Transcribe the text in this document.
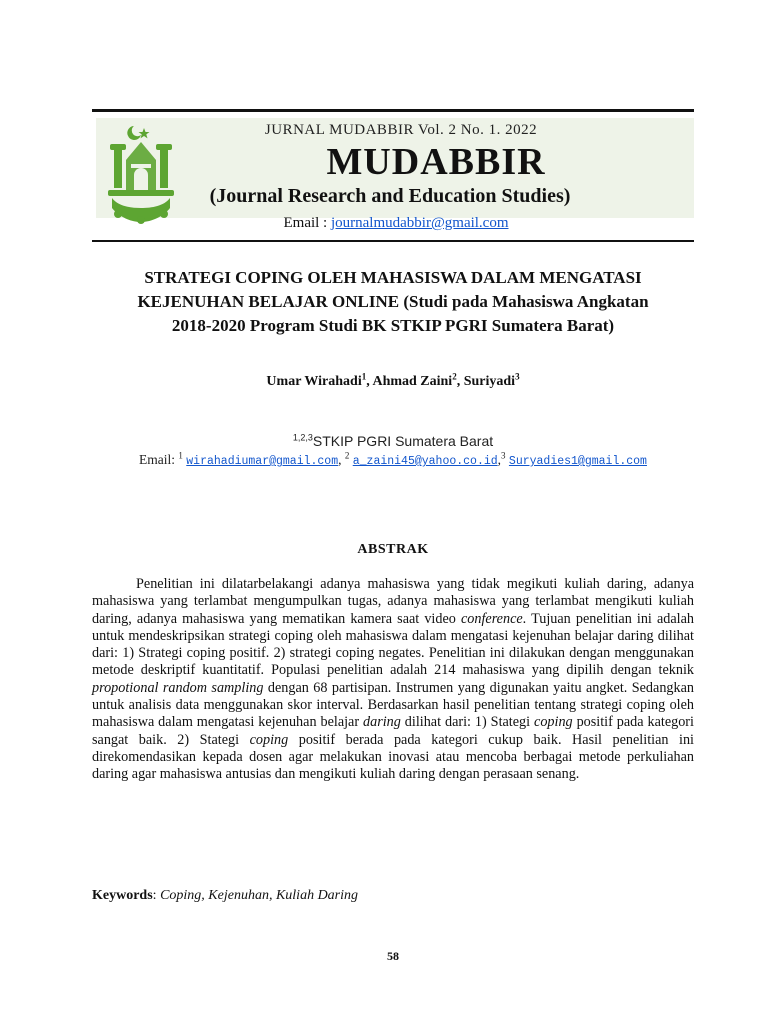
JURNAL MUDABBIR Vol. 2 No. 1. 2022
MUDABBIR
(Journal Research and Education Studies)
Email : journalmudabbir@gmail.com
STRATEGI COPING OLEH MAHASISWA DALAM MENGATASI
KEJENUHAN BELAJAR ONLINE (Studi pada Mahasiswa Angkatan
2018-2020 Program Studi BK STKIP PGRI Sumatera Barat)
Umar Wirahadi$^1$, Ahmad Zaini$^2$, Suriyadi$^3$
$^{1,2,3}$STKIP PGRI Sumatera Barat
Email: $^1$ wirahadiumar@gmail.com, $^2$ a_zaini45@yahoo.co.id,$^3$ Suryadies1@gmail.com
ABSTRAK
Penelitian ini dilatarbelakangi adanya mahasiswa yang tidak megikuti kuliah daring, adanya mahasiswa yang terlambat mengumpulkan tugas, adanya mahasiswa yang terlambat mengikuti kuliah daring, adanya mahasiswa yang mematikan kamera saat video conference. Tujuan penelitian ini adalah untuk mendeskripsikan strategi coping oleh mahasiswa dalam mengatasi kejenuhan belajar daring dilihat dari: 1) Strategi coping positif. 2) strategi coping negates. Penelitian ini dilakukan dengan menggunakan metode deskriptif kuantitatif. Populasi penelitian adalah 214 mahasiswa yang dipilih dengan teknik propotional random sampling dengan 68 partisipan. Instrumen yang digunakan yaitu angket. Sedangkan untuk analisis data menggunakan skor interval. Berdasarkan hasil penelitian tentang strategi coping oleh mahasiswa dalam mengatasi kejenuhan belajar daring dilihat dari: 1) Stategi coping positif pada kategori sangat baik. 2) Stategi coping positif berada pada kategori cukup baik. Hasil penelitian ini direkomendasikan kepada dosen agar melakukan inovasi atau mencoba berbagai metode perkuliahan daring agar mahasiswa antusias dan mengikuti kuliah daring dengan perasaan senang.
Keywords: Coping, Kejenuhan, Kuliah Daring
58
